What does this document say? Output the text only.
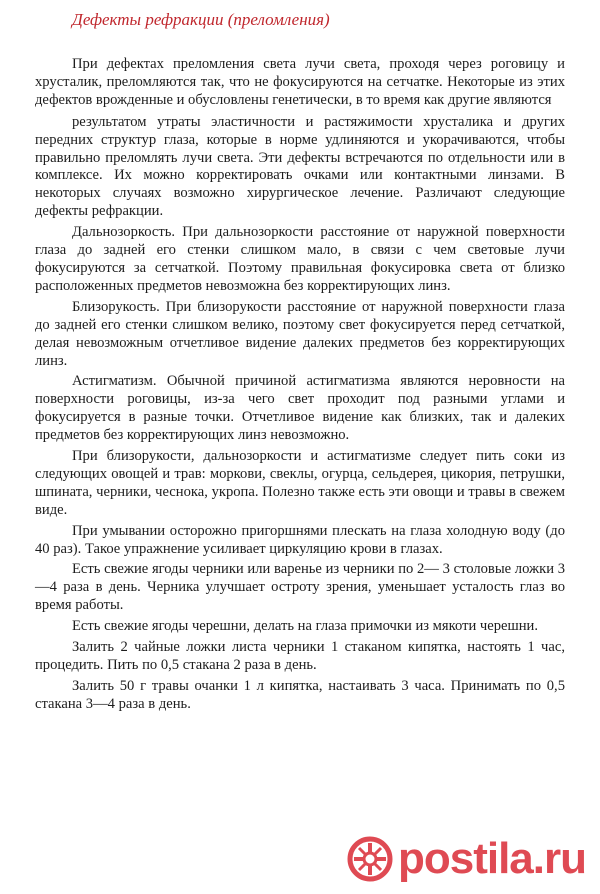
Дефекты рефракции (преломления)

При дефектах преломления света лучи света, проходя через роговицу и хрусталик, преломляются так, что не фокусируются на сетчатке. Некоторые из этих дефектов врожденные и обусловлены генетически, в то время как другие являются

результатом утраты эластичности и растяжимости хрусталика и других передних структур глаза, которые в норме удлиняются и укорачиваются, чтобы правильно преломлять лучи света. Эти дефекты встречаются по отдельности или в комплексе. Их можно корректировать очками или контактными линзами. В некоторых случаях возможно хирургическое лечение. Различают следующие дефекты рефракции.

Дальнозоркость. При дальнозоркости расстояние от наружной поверхности глаза до задней его стенки слишком мало, в связи с чем световые лучи фокусируются за сетчаткой. Поэтому правильная фокусировка света от близко расположенных предметов невозможна без корректирующих линз.

Близорукость. При близорукости расстояние от наружной поверхности глаза до задней его стенки слишком велико, поэтому свет фокусируется перед сетчаткой, делая невозможным отчетливое видение далеких предметов без корректирующих линз.

Астигматизм. Обычной причиной астигматизма являются неровности на поверхности роговицы, из-за чего свет проходит под разными углами и фокусируется в разные точки. Отчетливое видение как близких, так и далеких предметов без корректирующих линз невозможно.

При близорукости, дальнозоркости и астигматизме следует пить соки из следующих овощей и трав: моркови, свеклы, огурца, сельдерея, цикория, петрушки, шпината, черники, чеснока, укропа. Полезно также есть эти овощи и травы в свежем виде.

При умывании осторожно пригоршнями плескать на глаза холодную воду (до 40 раз). Такое упражнение усиливает циркуляцию крови в глазах.

Есть свежие ягоды черники или варенье из черники по 2— 3 столовые ложки 3—4 раза в день. Черника улучшает остроту зрения, уменьшает усталость глаз во время работы.

Есть свежие ягоды черешни, делать на глаза примочки из мякоти черешни.

Залить 2 чайные ложки листа черники 1 стаканом кипятка, настоять 1 час, процедить. Пить по 0,5 стакана 2 раза в день.

Залить 50 г травы очанки 1 л кипятка, настаивать 3 часа. Принимать по 0,5 стакана 3—4 раза в день.

postila.ru
